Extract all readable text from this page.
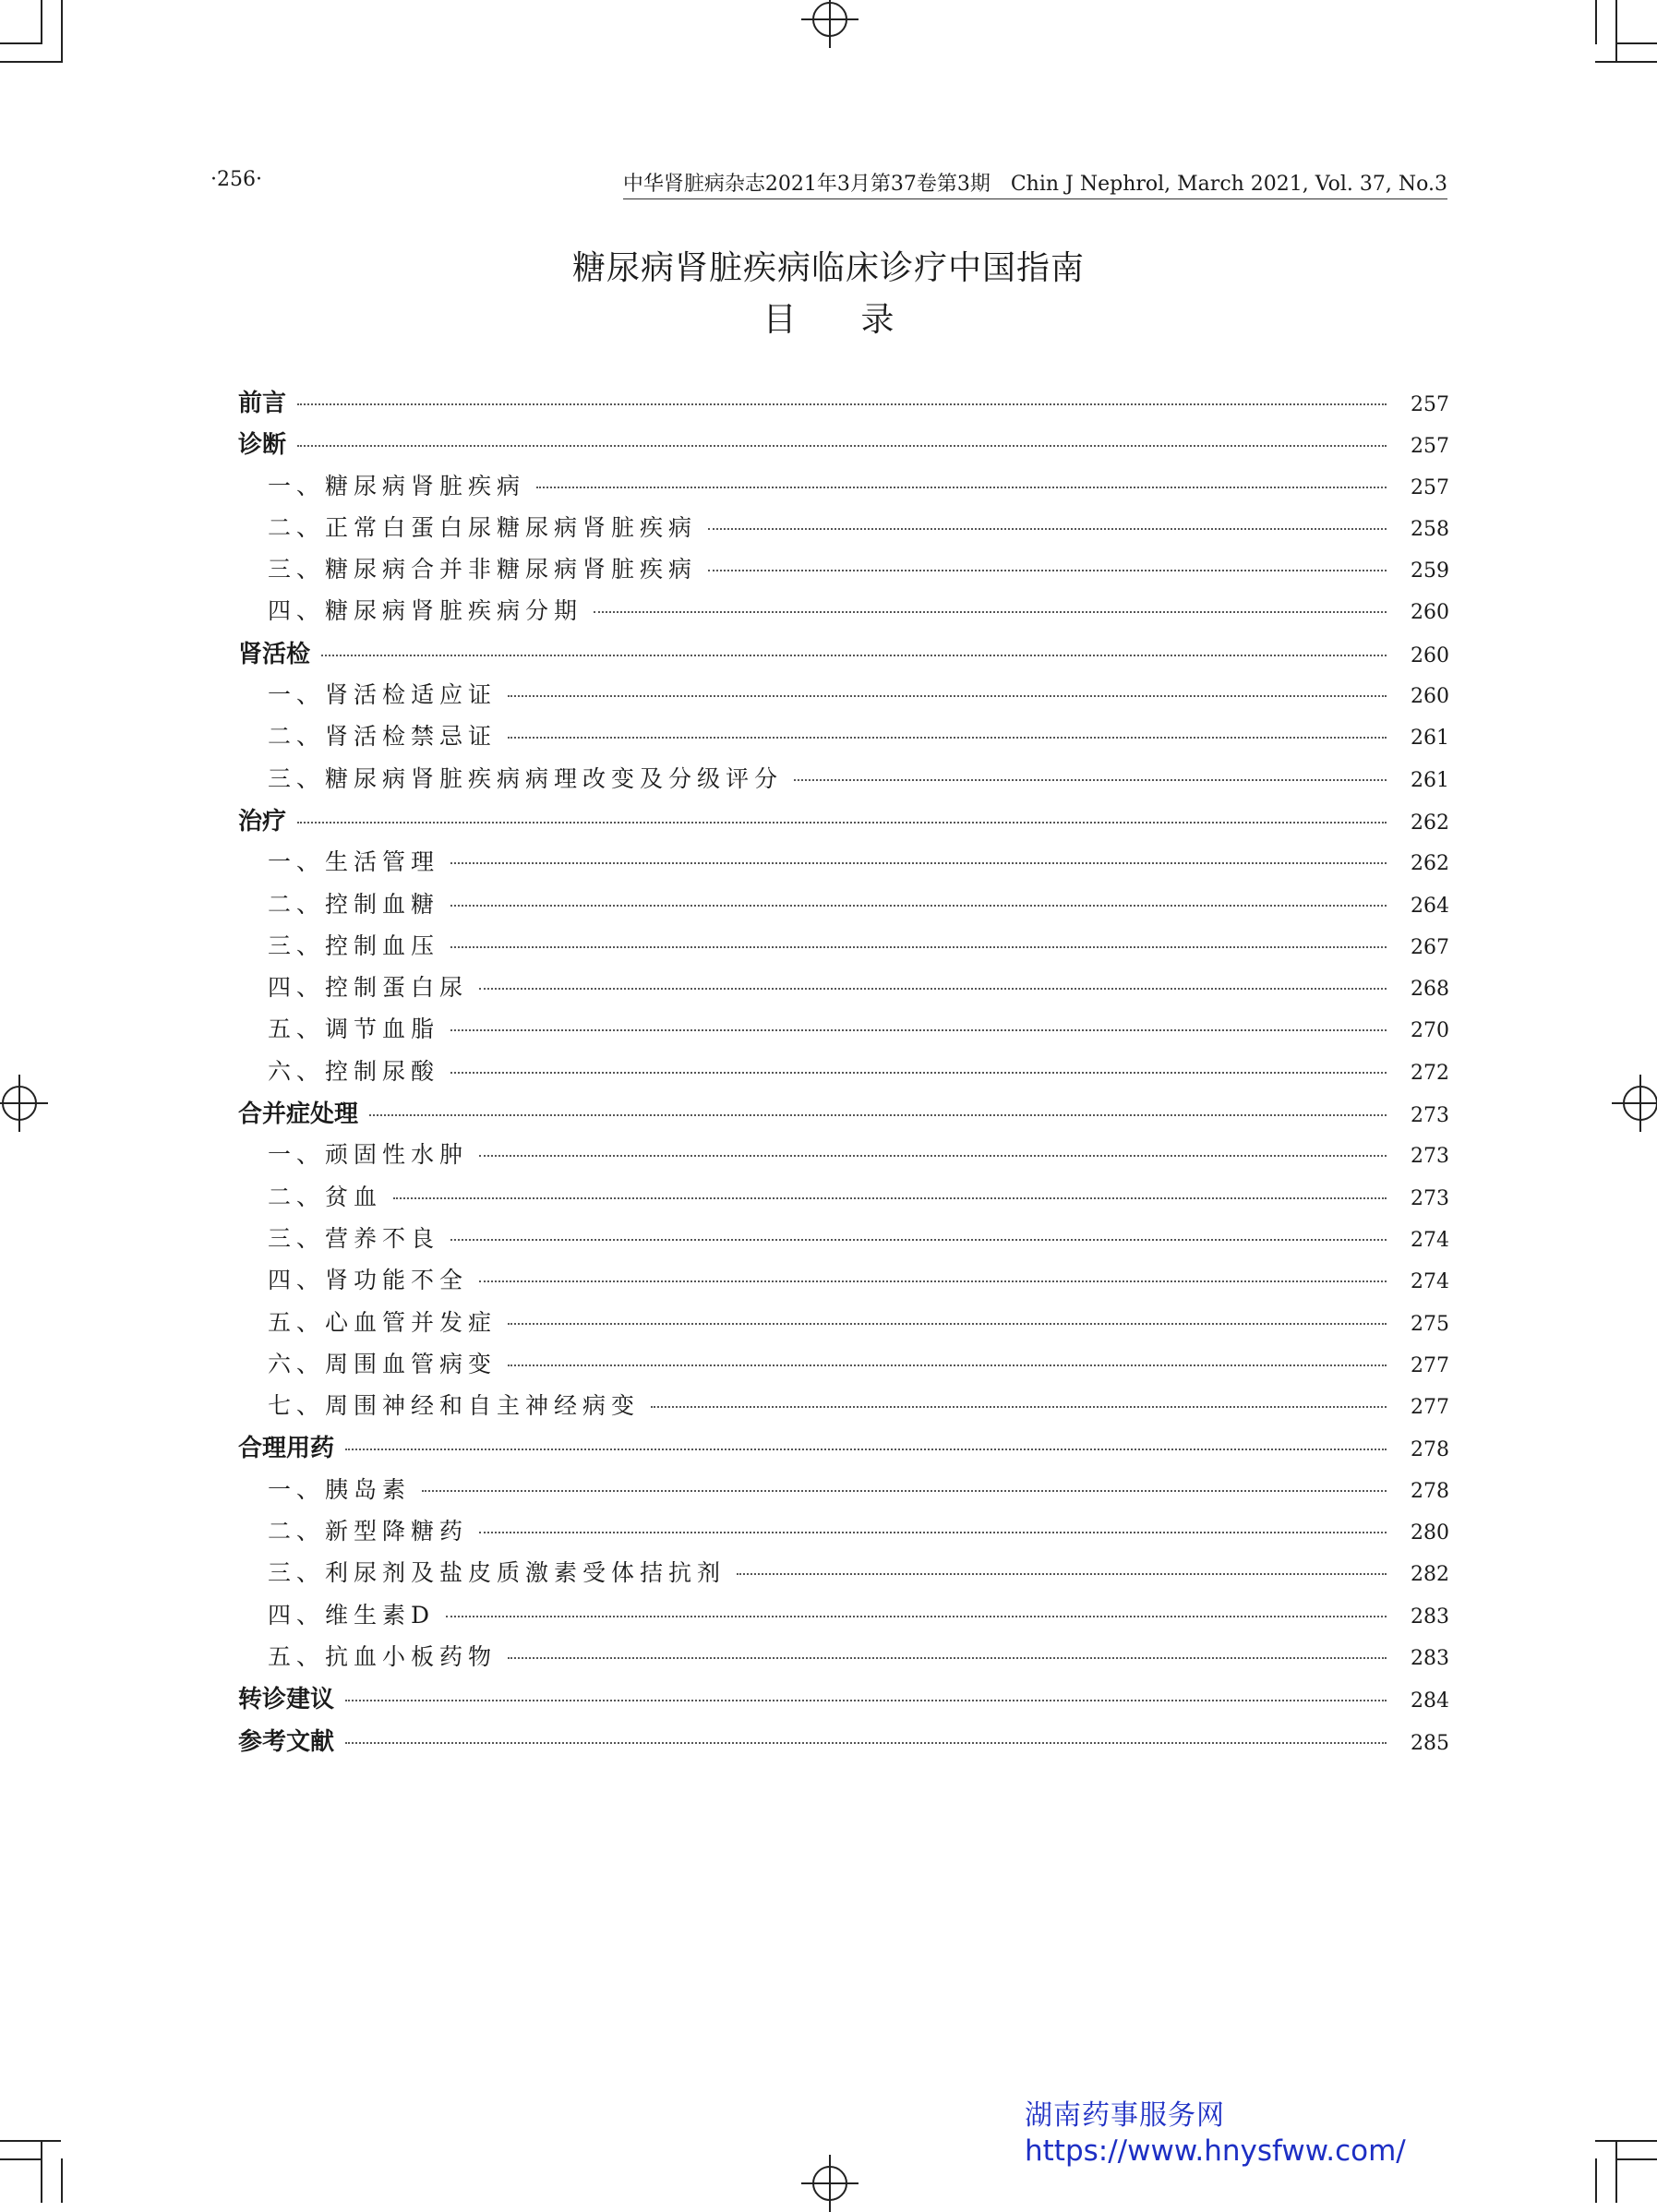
·256·	中华肾脏病杂志2021年3月第37卷第3期　Chin J Nephrol, March 2021, Vol. 37, No.3
糖尿病肾脏疾病临床诊疗中国指南
目录
前言	257
诊断	257
一、糖尿病肾脏疾病	257
二、正常白蛋白尿糖尿病肾脏疾病	258
三、糖尿病合并非糖尿病肾脏疾病	259
四、糖尿病肾脏疾病分期	260
肾活检	260
一、肾活检适应证	260
二、肾活检禁忌证	261
三、糖尿病肾脏疾病病理改变及分级评分	261
治疗	262
一、生活管理	262
二、控制血糖	264
三、控制血压	267
四、控制蛋白尿	268
五、调节血脂	270
六、控制尿酸	272
合并症处理	273
一、顽固性水肿	273
二、贫血	273
三、营养不良	274
四、肾功能不全	274
五、心血管并发症	275
六、周围血管病变	277
七、周围神经和自主神经病变	277
合理用药	278
一、胰岛素	278
二、新型降糖药	280
三、利尿剂及盐皮质激素受体拮抗剂	282
四、维生素D	283
五、抗血小板药物	283
转诊建议	284
参考文献	285
湖南药事服务网
https://www.hnysfww.com/
